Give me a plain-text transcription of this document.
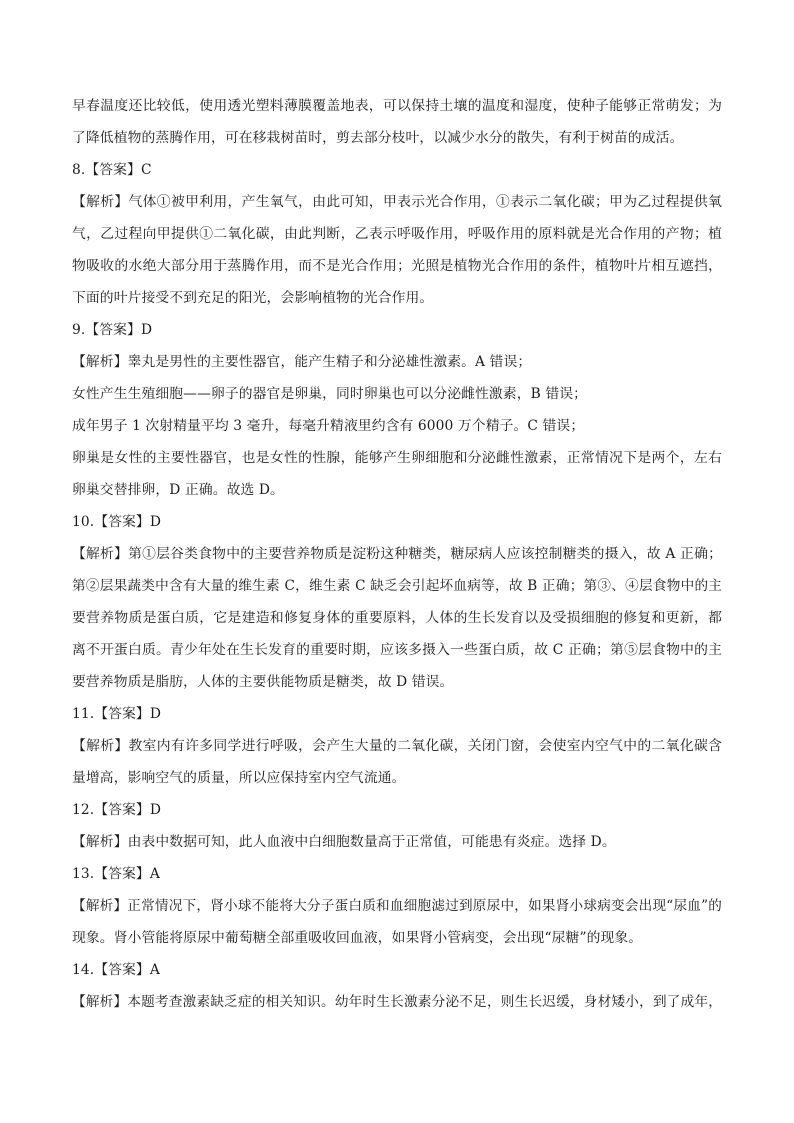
早春温度还比较低，使用透光塑料薄膜覆盖地表，可以保持土壤的温度和湿度，使种子能够正常萌发；为
了降低植物的蒸腾作用，可在移栽树苗时，剪去部分枝叶，以减少水分的散失，有利于树苗的成活。
8.【答案】C
【解析】气体①被甲利用，产生氧气，由此可知，甲表示光合作用，①表示二氧化碳；甲为乙过程提供氧
气，乙过程向甲提供①二氧化碳，由此判断，乙表示呼吸作用，呼吸作用的原料就是光合作用的产物；植
物吸收的水绝大部分用于蒸腾作用，而不是光合作用；光照是植物光合作用的条件，植物叶片相互遮挡，
下面的叶片接受不到充足的阳光，会影响植物的光合作用。
9.【答案】D
【解析】睾丸是男性的主要性器官，能产生精子和分泌雄性激素。A 错误；
女性产生生殖细胞——卵子的器官是卵巢，同时卵巢也可以分泌雌性激素，B 错误；
成年男子 1 次射精量平均 3 毫升，每毫升精液里约含有 6000 万个精子。C 错误；
卵巢是女性的主要性器官，也是女性的性腺，能够产生卵细胞和分泌雌性激素，正常情况下是两个，左右
卵巢交替排卵，D 正确。故选 D。
10.【答案】D
【解析】第①层谷类食物中的主要营养物质是淀粉这种糖类，糖尿病人应该控制糖类的摄入，故 A 正确；
第②层果蔬类中含有大量的维生素 C，维生素 C 缺乏会引起坏血病等，故 B 正确；第③、④层食物中的主
要营养物质是蛋白质，它是建造和修复身体的重要原料，人体的生长发育以及受损细胞的修复和更新，都
离不开蛋白质。青少年处在生长发育的重要时期，应该多摄入一些蛋白质，故 C 正确；第⑤层食物中的主
要营养物质是脂肪，人体的主要供能物质是糖类，故 D 错误。
11.【答案】D
【解析】教室内有许多同学进行呼吸，会产生大量的二氧化碳，关闭门窗，会使室内空气中的二氧化碳含
量增高，影响空气的质量，所以应保持室内空气流通。
12.【答案】D
【解析】由表中数据可知，此人血液中白细胞数量高于正常值，可能患有炎症。选择 D。
13.【答案】A
【解析】正常情况下，肾小球不能将大分子蛋白质和血细胞滤过到原尿中，如果肾小球病变会出现“尿血”的
现象。肾小管能将原尿中葡萄糖全部重吸收回血液，如果肾小管病变，会出现“尿糖”的现象。
14.【答案】A
【解析】本题考查激素缺乏症的相关知识。幼年时生长激素分泌不足，则生长迟缓，身材矮小，到了成年，
